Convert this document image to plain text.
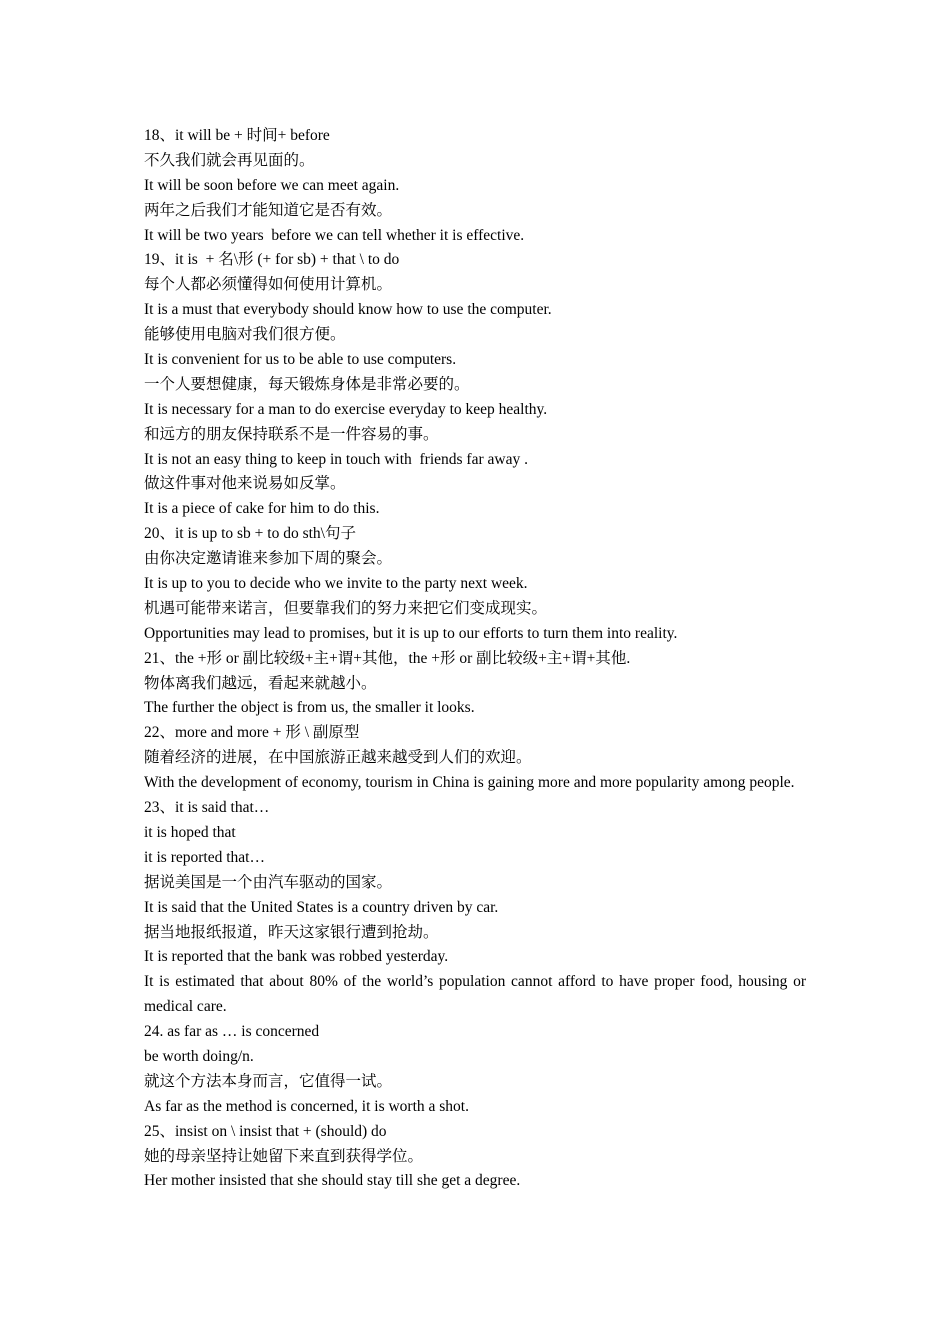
18、it will be + 时间+ before
不久我们就会再见面的。
It will be soon before we can meet again.
两年之后我们才能知道它是否有效。
It will be two years  before we can tell whether it is effective.
19、it is  + 名\形 (+ for sb) + that \ to do
每个人都必须懂得如何使用计算机。
It is a must that everybody should know how to use the computer.
能够使用电脑对我们很方便。
It is convenient for us to be able to use computers.
一个人要想健康，每天锻炼身体是非常必要的。
It is necessary for a man to do exercise everyday to keep healthy.
和远方的朋友保持联系不是一件容易的事。
It is not an easy thing to keep in touch with  friends far away .
做这件事对他来说易如反掌。
It is a piece of cake for him to do this.
20、it is up to sb + to do sth\句子
由你决定邀请谁来参加下周的聚会。
It is up to you to decide who we invite to the party next week.
机遇可能带来诺言，但要靠我们的努力来把它们变成现实。
Opportunities may lead to promises, but it is up to our efforts to turn them into reality.
21、the +形 or 副比较级+主+谓+其他，the +形 or 副比较级+主+谓+其他.
物体离我们越远，看起来就越小。
The further the object is from us, the smaller it looks.
22、more and more + 形 \ 副原型
随着经济的进展，在中国旅游正越来越受到人们的欢迎。
With the development of economy, tourism in China is gaining more and more popularity among people.
23、it is said that…
it is hoped that
it is reported that…
据说美国是一个由汽车驱动的国家。
It is said that the United States is a country driven by car.
据当地报纸报道，昨天这家银行遭到抢劫。
It is reported that the bank was robbed yesterday.
It is estimated that about 80% of the world’s population cannot afford to have proper food, housing or medical care.
24. as far as … is concerned
be worth doing/n.
就这个方法本身而言，它值得一试。
As far as the method is concerned, it is worth a shot.
25、insist on \ insist that + (should) do
她的母亲坚持让她留下来直到获得学位。
Her mother insisted that she should stay till she get a degree.
